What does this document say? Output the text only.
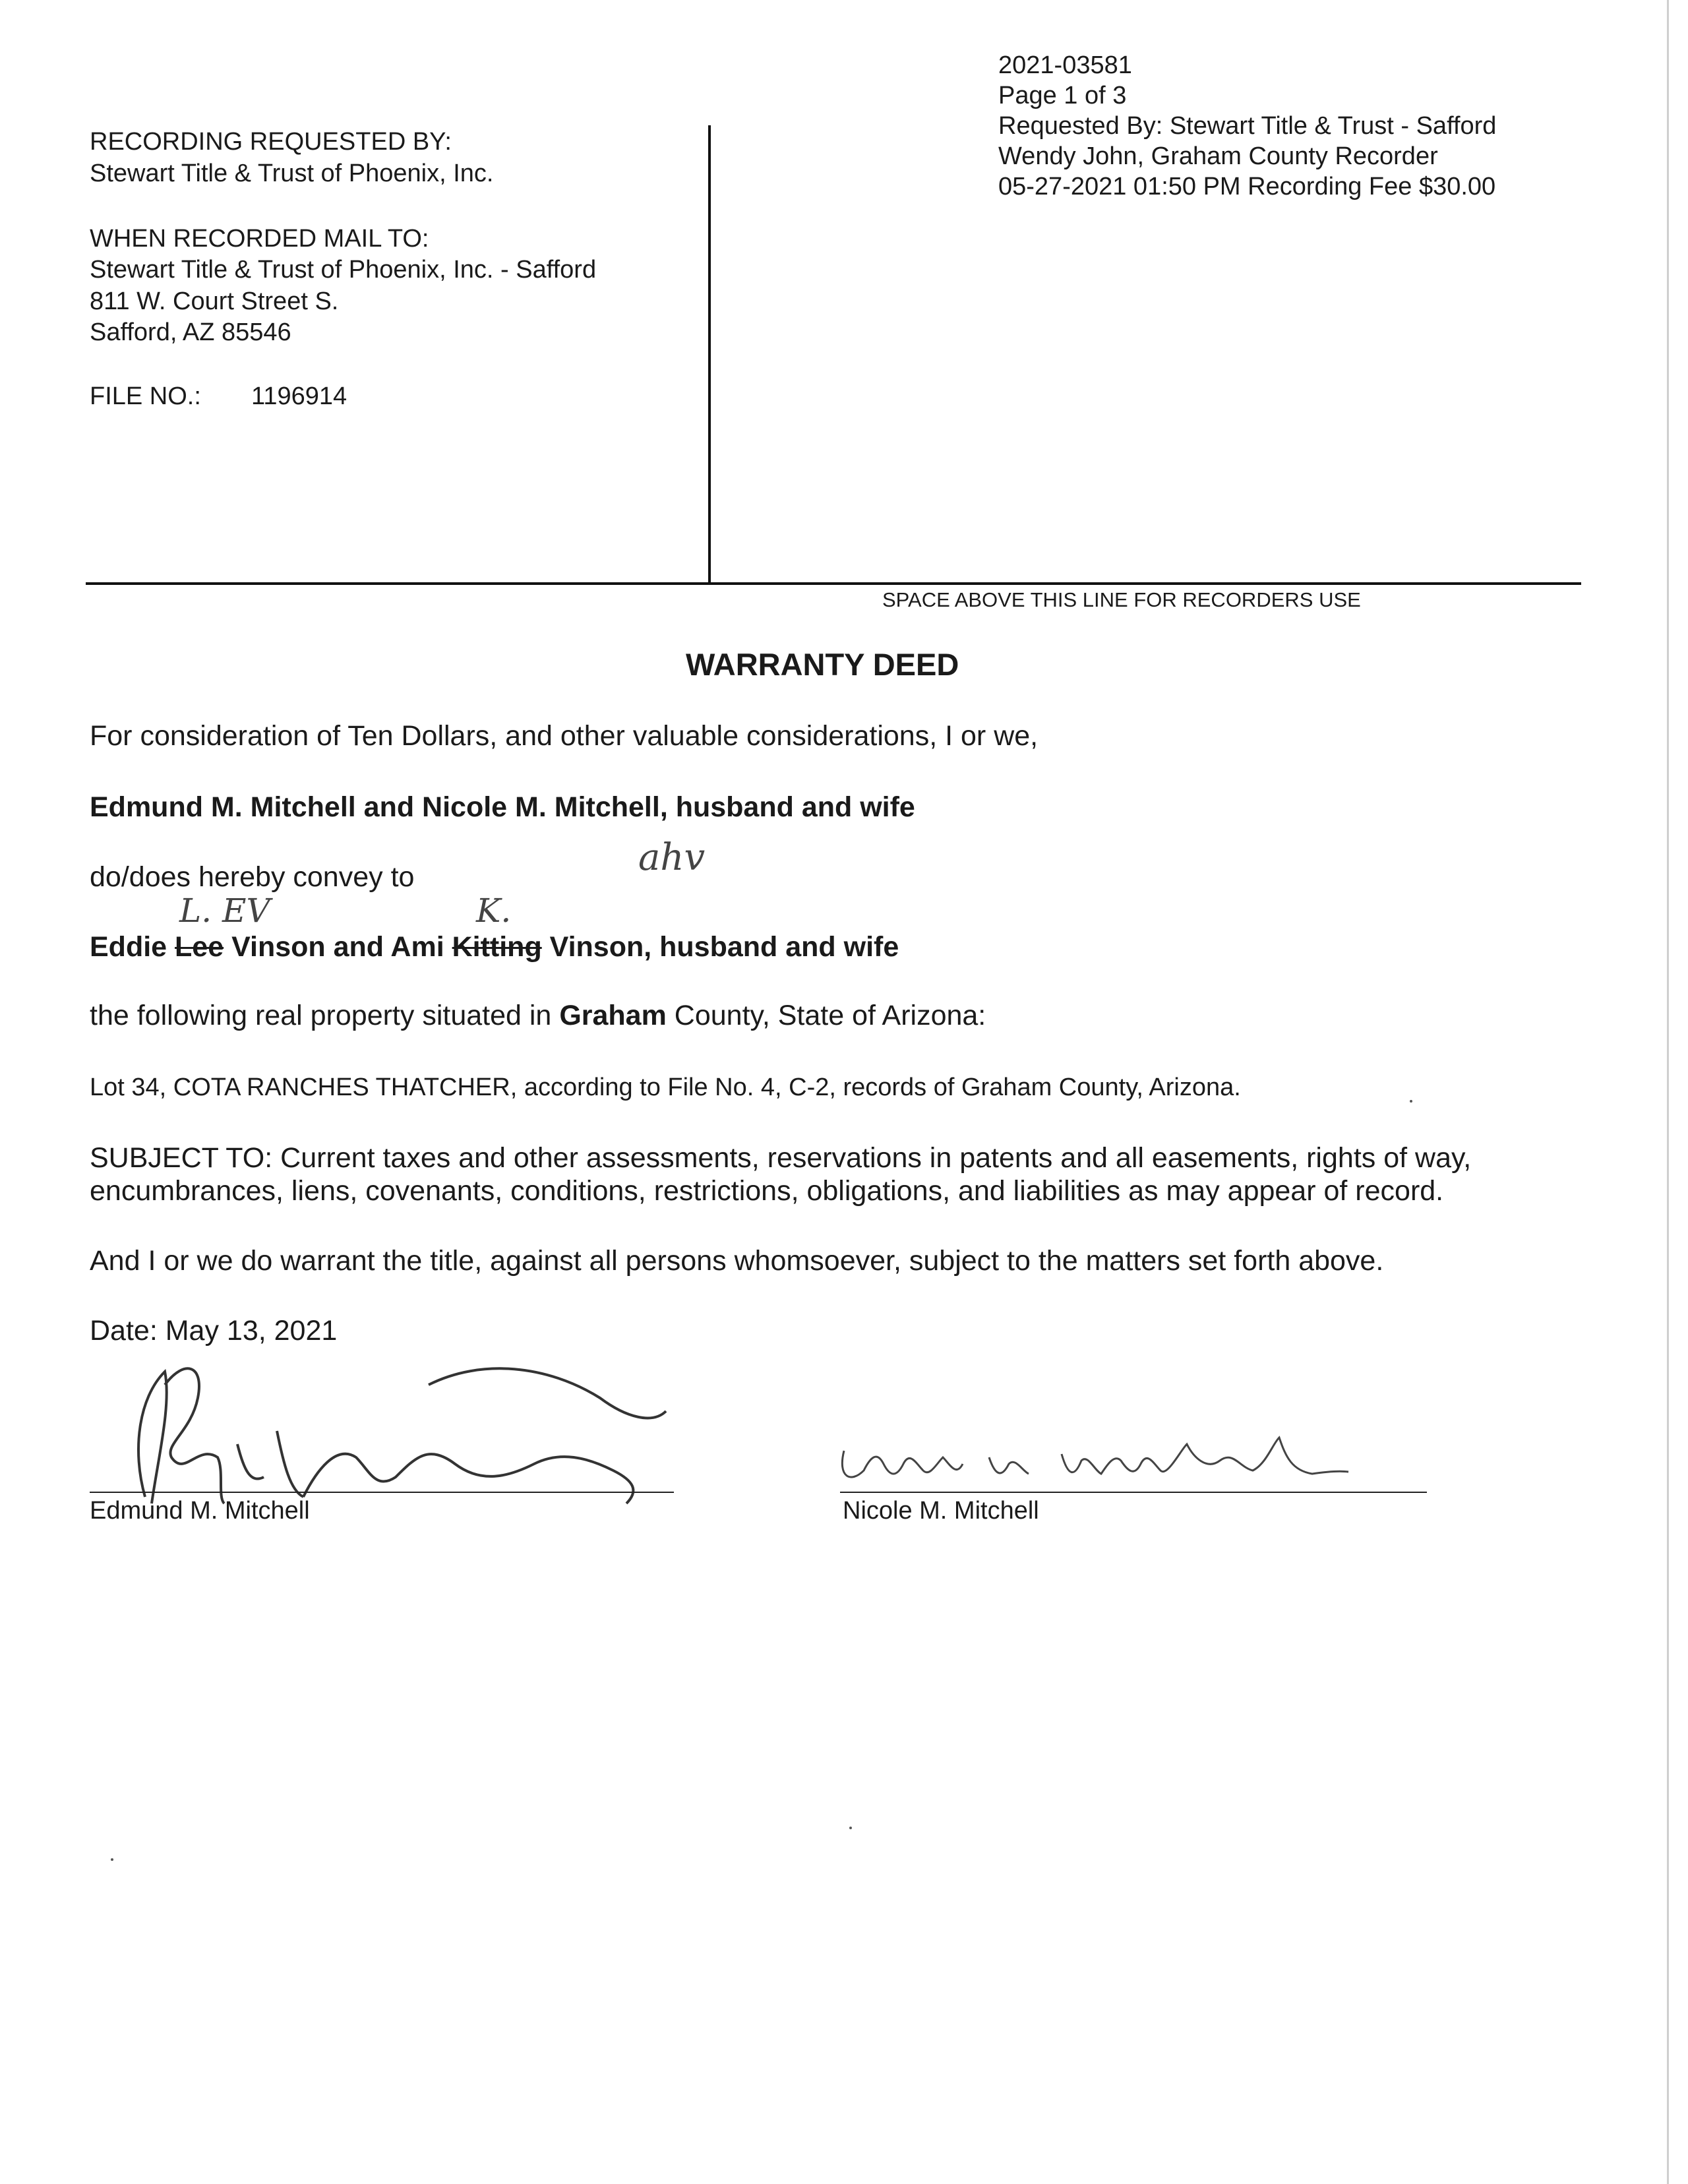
RECORDING REQUESTED BY:
Stewart Title & Trust of Phoenix, Inc.
WHEN RECORDED MAIL TO:
Stewart Title & Trust of Phoenix, Inc. - Safford
811 W. Court Street S.
Safford, AZ 85546
FILE NO.: 1196914
2021-03581
Page 1 of 3
Requested By: Stewart Title & Trust - Safford
Wendy John, Graham County Recorder
05-27-2021 01:50 PM Recording Fee $30.00
SPACE ABOVE THIS LINE FOR RECORDERS USE
WARRANTY DEED
For consideration of Ten Dollars, and other valuable considerations, I or we,
Edmund M. Mitchell and Nicole M. Mitchell, husband and wife
ahv
do/does hereby convey to
L. EV	K.
Eddie Lee Vinson and Ami Kitting Vinson, husband and wife
the following real property situated in Graham County, State of Arizona:
Lot 34, COTA RANCHES THATCHER, according to File No. 4, C-2, records of Graham County, Arizona.
SUBJECT TO: Current taxes and other assessments, reservations in patents and all easements, rights of way,
encumbrances, liens, covenants, conditions, restrictions, obligations, and liabilities as may appear of record.
And I or we do warrant the title, against all persons whomsoever, subject to the matters set forth above.
Date: May 13, 2021
Edmund M. Mitchell	Nicole M. Mitchell
